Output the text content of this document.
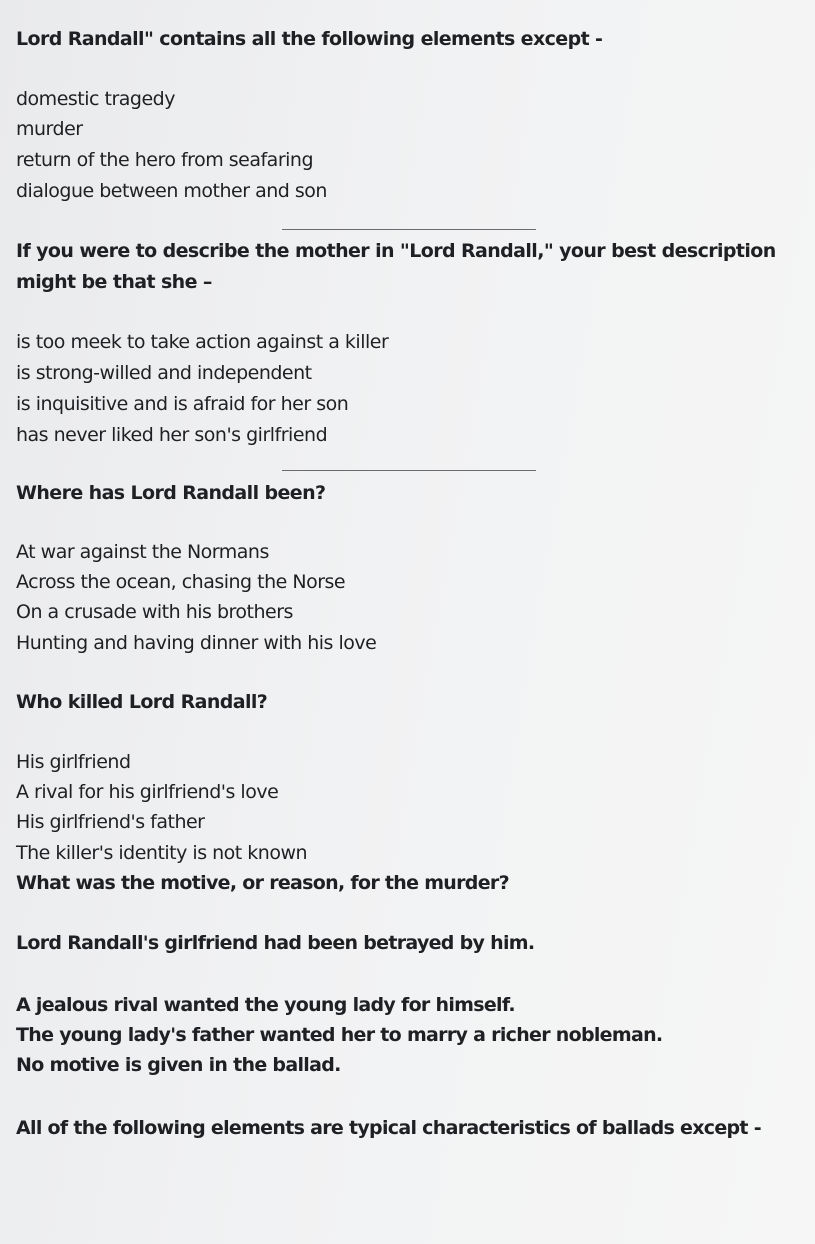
Lord Randall" contains all the following elements except -
domestic tragedy
murder
return of the hero from seafaring
dialogue between mother and son
If you were to describe the mother in "Lord Randall," your best description
might be that she –
is too meek to take action against a killer
is strong-willed and independent
is inquisitive and is afraid for her son
has never liked her son's girlfriend
Where has Lord Randall been?
At war against the Normans
Across the ocean, chasing the Norse
On a crusade with his brothers
Hunting and having dinner with his love
Who killed Lord Randall?
His girlfriend
A rival for his girlfriend's love
His girlfriend's father
The killer's identity is not known
What was the motive, or reason, for the murder?
Lord Randall's girlfriend had been betrayed by him.
A jealous rival wanted the young lady for himself.
The young lady's father wanted her to marry a richer nobleman.
No motive is given in the ballad.
All of the following elements are typical characteristics of ballads except -
